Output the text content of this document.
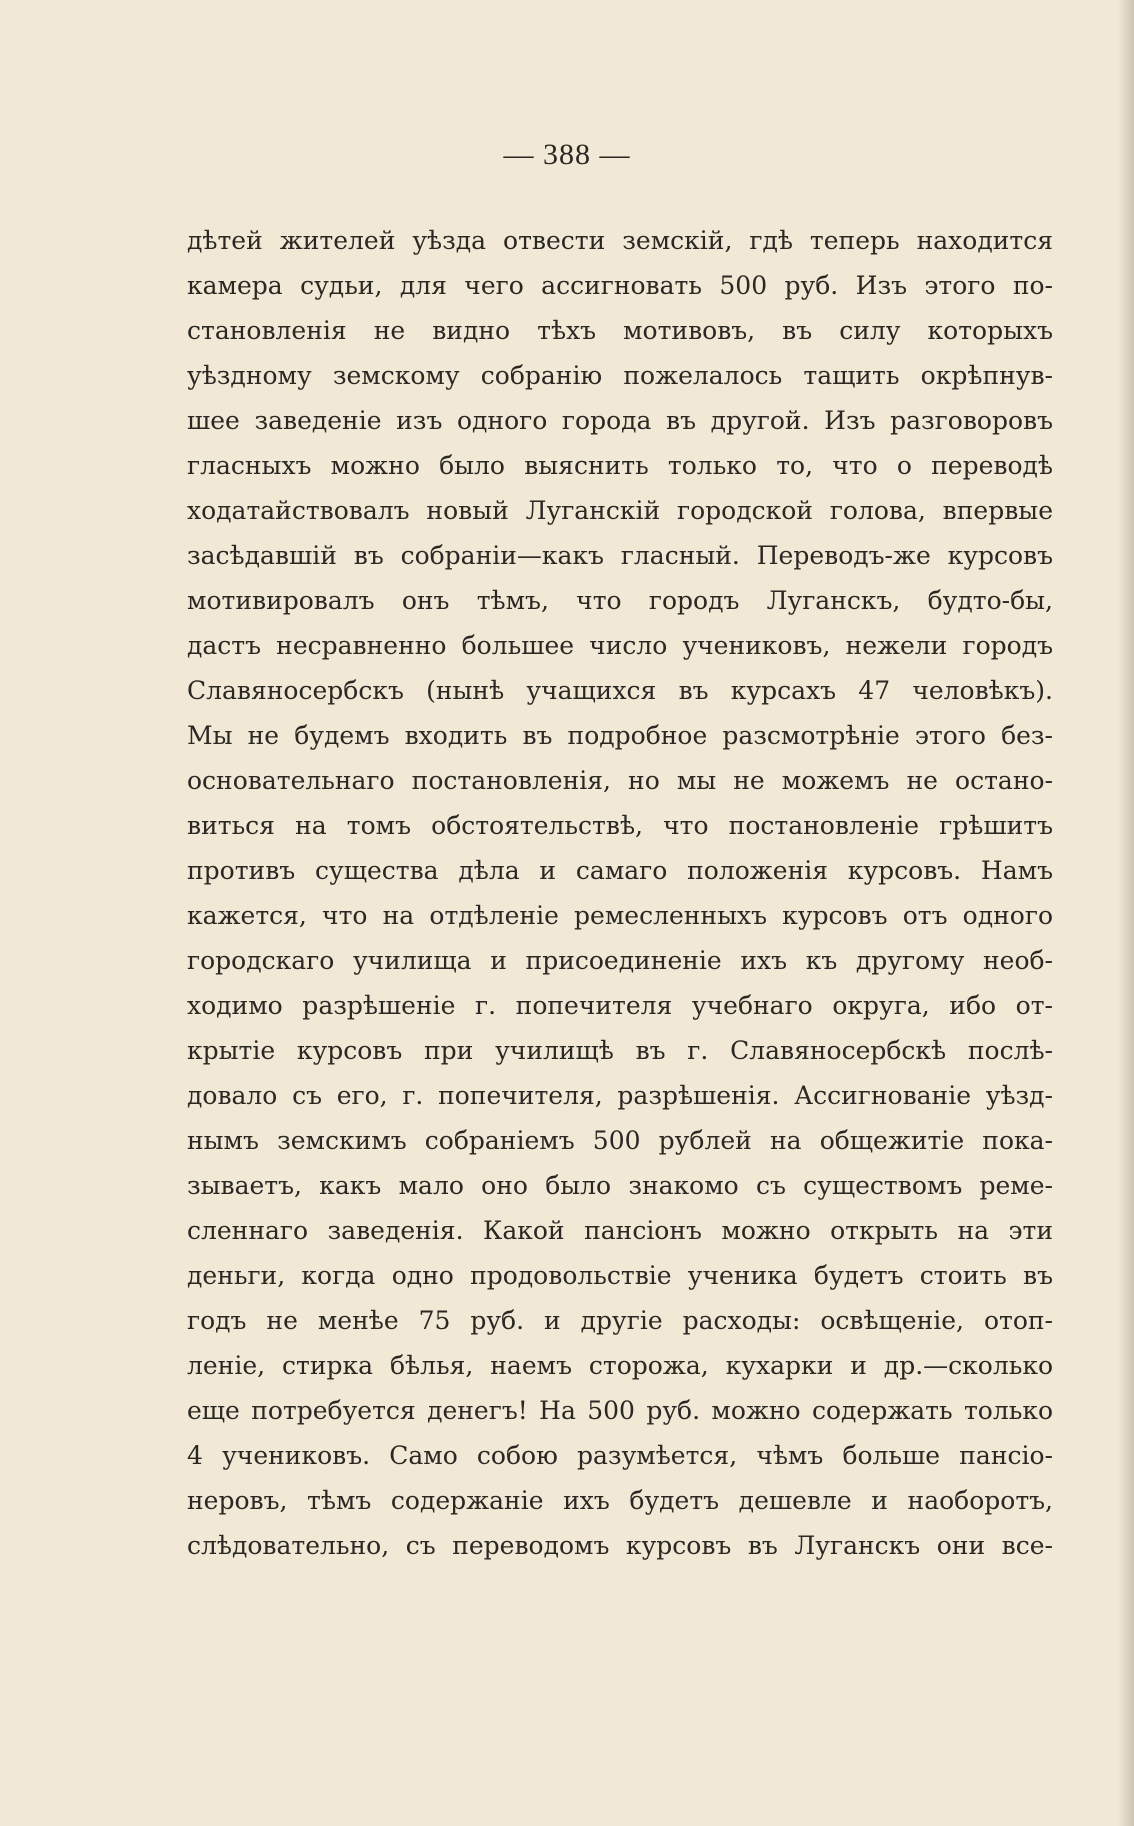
— 388 —
дѣтей жителей уѣзда отвести земскій, гдѣ теперь находится
камера судьи, для чего ассигновать 500 руб. Изъ этого по-
становленія не видно тѣхъ мотивовъ, въ силу которыхъ
уѣздному земскому собранію пожелалось тащить окрѣпнув-
шее заведеніе изъ одного города въ другой. Изъ разговоровъ
гласныхъ можно было выяснить только то, что о переводѣ
ходатайствовалъ новый Луганскій городской голова, впервые
засѣдавшій въ собраніи—какъ гласный. Переводъ-же курсовъ
мотивировалъ онъ тѣмъ, что городъ Луганскъ, будто-бы,
дастъ несравненно большее число учениковъ, нежели городъ
Славяносербскъ (нынѣ учащихся въ курсахъ 47 человѣкъ).
Мы не будемъ входить въ подробное разсмотрѣніе этого без-
основательнаго постановленія, но мы не можемъ не остано-
виться на томъ обстоятельствѣ, что постановленіе грѣшитъ
противъ существа дѣла и самаго положенія курсовъ. Намъ
кажется, что на отдѣленіе ремесленныхъ курсовъ отъ одного
городскаго училища и присоединеніе ихъ къ другому необ-
ходимо разрѣшеніе г. попечителя учебнаго округа, ибо от-
крытіе курсовъ при училищѣ въ г. Славяносербскѣ послѣ-
довало съ его, г. попечителя, разрѣшенія. Ассигнованіе уѣзд-
нымъ земскимъ собраніемъ 500 рублей на общежитіе пока-
зываетъ, какъ мало оно было знакомо съ существомъ реме-
сленнаго заведенія. Какой пансіонъ можно открыть на эти
деньги, когда одно продовольствіе ученика будетъ стоить въ
годъ не менѣе 75 руб. и другіе расходы: освѣщеніе, отоп-
леніе, стирка бѣлья, наемъ сторожа, кухарки и др.—сколько
еще потребуется денегъ! На 500 руб. можно содержать только
4 учениковъ. Само собою разумѣется, чѣмъ больше пансіо-
неровъ, тѣмъ содержаніе ихъ будетъ дешевле и наоборотъ,
слѣдовательно, съ переводомъ курсовъ въ Луганскъ они все-
